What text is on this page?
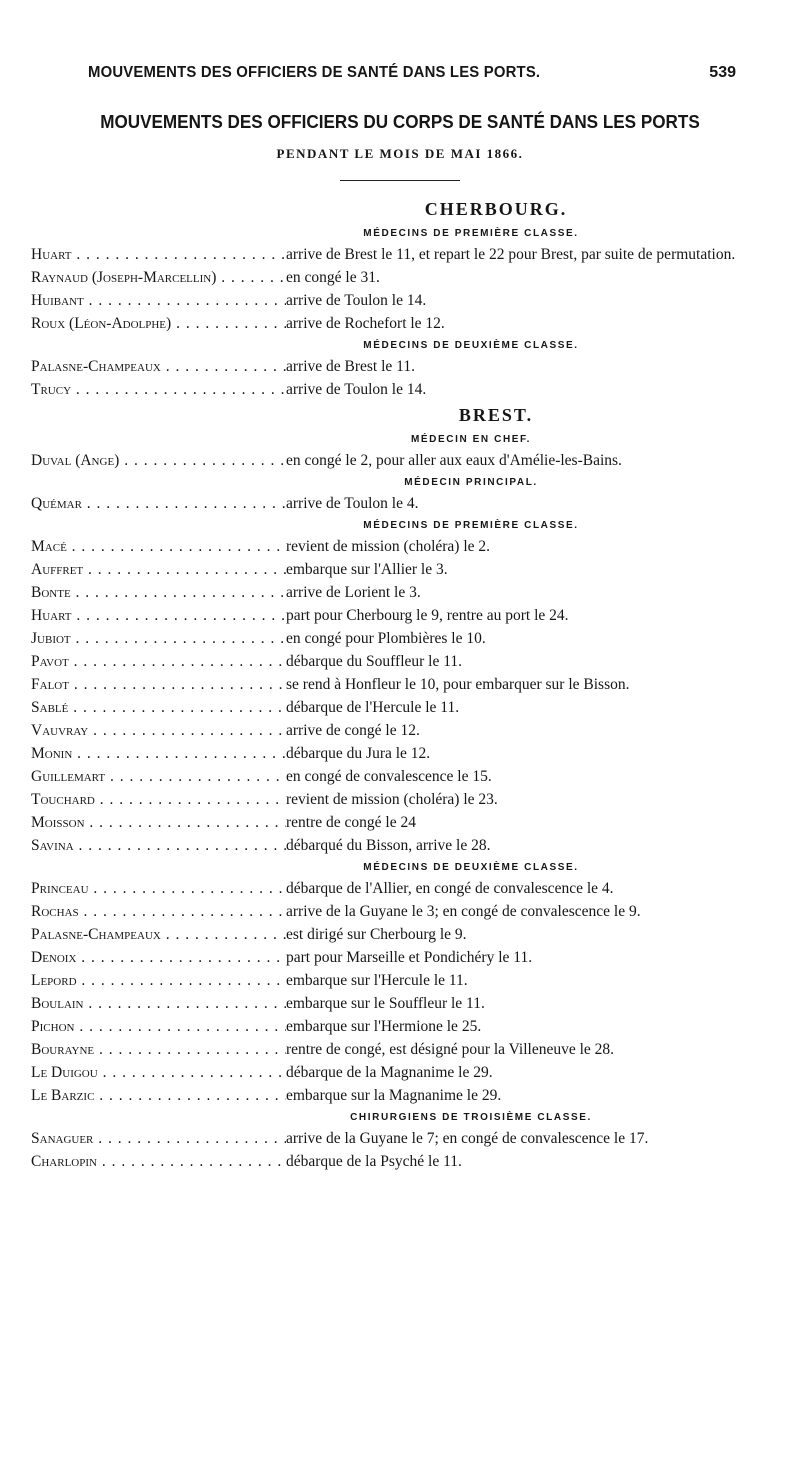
MOUVEMENTS DES OFFICIERS DE SANTÉ DANS LES PORTS.	539
MOUVEMENTS DES OFFICIERS DU CORPS DE SANTÉ DANS LES PORTS
PENDANT LE MOIS DE MAI 1866.
CHERBOURG.
MÉDECINS DE PREMIÈRE CLASSE.
Huart . . .	arrive de Brest le 11, et repart le 22 pour Brest, par suite de permutation.
Raynaud (Joseph-Marcellin) . . .	en congé le 31.
Huibant . . .	arrive de Toulon le 14.
Roux (Léon-Adolphe) . . .	arrive de Rochefort le 12.
MÉDECINS DE DEUXIÈME CLASSE.
Palasne-Champeaux . . .	arrive de Brest le 11.
Trucy . . .	arrive de Toulon le 14.
BREST.
MÉDECIN EN CHEF.
Duval (Ange) . . .	en congé le 2, pour aller aux eaux d'Amélie-les-Bains.
MÉDECIN PRINCIPAL.
Quémar . . .	arrive de Toulon le 4.
MÉDECINS DE PREMIÈRE CLASSE.
Macé . . .	revient de mission (choléra) le 2.
Auffret . . .	embarque sur l'Allier le 3.
Bonte . . .	arrive de Lorient le 3.
Huart . . .	part pour Cherbourg le 9, rentre au port le 24.
Jubiot . . .	en congé pour Plombières le 10.
Pavot . . .	débarque du Souffleur le 11.
Falot . . .	se rend à Honfleur le 10, pour embarquer sur le Bisson.
Sablé . . .	débarque de l'Hercule le 11.
Vauvray . . .	arrive de congé le 12.
Monin . . .	débarque du Jura le 12.
Guillemart . . .	en congé de convalescence le 15.
Touchard . . .	revient de mission (choléra) le 23.
Moisson . . .	rentre de congé le 24
Savina . . .	débarqué du Bisson, arrive le 28.
MÉDECINS DE DEUXIÈME CLASSE.
Princeau . . .	débarque de l'Allier, en congé de convalescence le 4.
Rochas . . .	arrive de la Guyane le 3; en congé de convalescence le 9.
Palasne-Champeaux . . .	est dirigé sur Cherbourg le 9.
Denoix . . .	part pour Marseille et Pondichéry le 11.
Lepord . . .	embarque sur l'Hercule le 11.
Boulain . . .	embarque sur le Souffleur le 11.
Pichon . . .	embarque sur l'Hermione le 25.
Bourayne . . .	rentre de congé, est désigné pour la Villeneuve le 28.
Le Duigou . . .	débarque de la Magnanime le 29.
Le Barzic . . .	embarque sur la Magnanime le 29.
CHIRURGIENS DE TROISIÈME CLASSE.
Sanaguer . . .	arrive de la Guyane le 7; en congé de convalescence le 17.
Charlopin . . .	débarque de la Psyché le 11.
